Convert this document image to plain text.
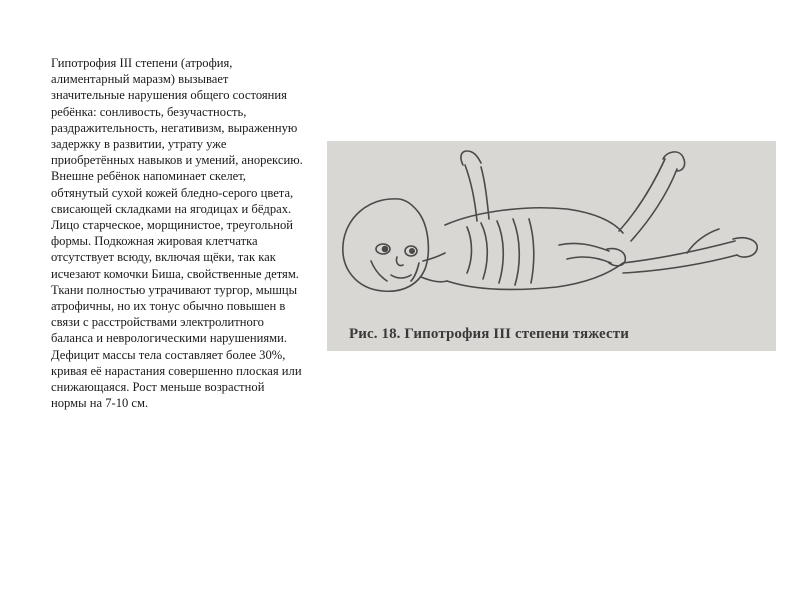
Гипотрофия III степени (атрофия, алиментарный маразм) вызывает значительные нарушения общего состояния ребёнка: сонливость, безучастность, раздражительность, негативизм, выраженную задержку в развитии, утрату уже приобретённых навыков и умений, анорексию. Внешне ребёнок напоминает скелет, обтянутый сухой кожей бледно-серого цвета, свисающей складками на ягодицах и бёдрах. Лицо старческое, морщинистое, треугольной формы. Подкожная жировая клетчатка отсутствует всюду, включая щёки, так как исчезают комочки Биша, свойственные детям. Ткани полностью утрачивают тургор, мышцы атрофичны, но их тонус обычно повышен в связи с расстройствами электролитного баланса и неврологическими нарушениями. Дефицит массы тела составляет более 30%, кривая её нарастания совершенно плоская или снижающаяся. Рост меньше возрастной нормы на 7-10 см.

Рис. 18. Гипотрофия III степени тяжести
